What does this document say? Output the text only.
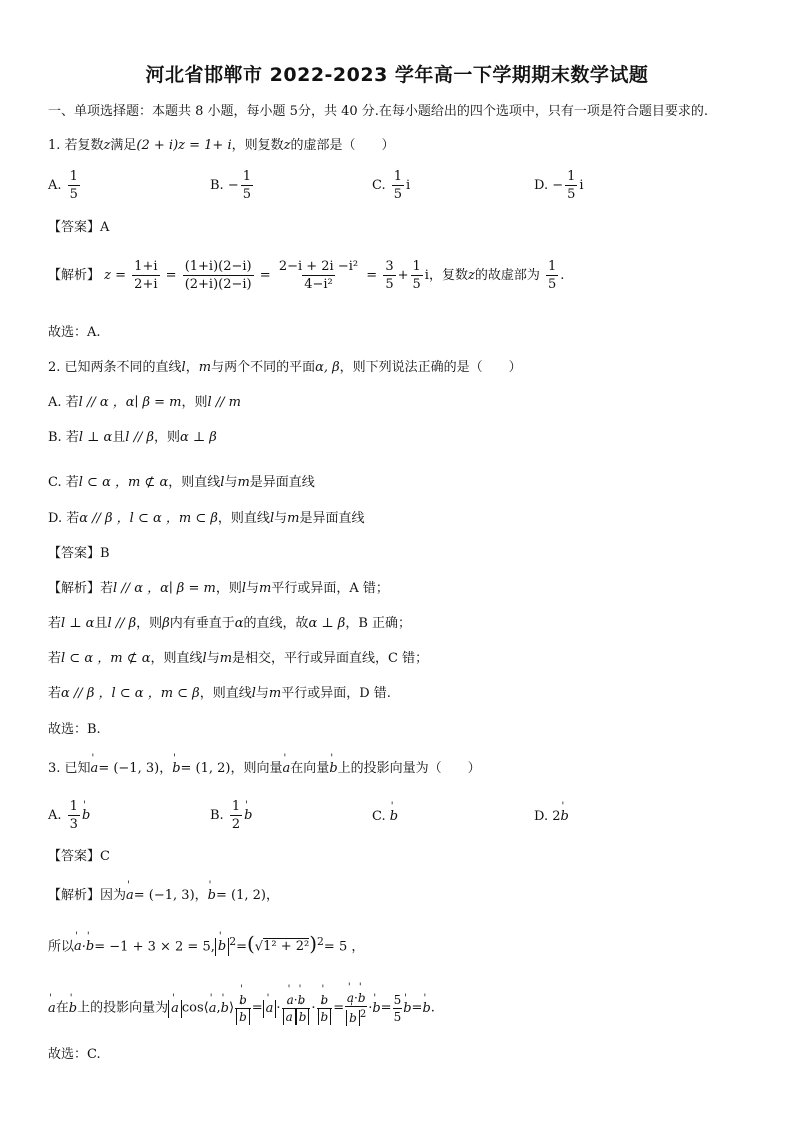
河北省邯郸市 2022-2023 学年高一下学期期末数学试题
一、单项选择题：本题共 8 小题，每小题 5分，共 40 分.在每小题给出的四个选项中，只有一项是符合题目要求的.
1. 若复数z满足(2 + i)z = 1+ i，则复数z的虚部是（　　）
A. $\frac{1}{5}$	B. − $\frac{1}{5}$	C. $\frac{1}{5}$ i	D. − $\frac{1}{5}$ i
【答案】A
【解析】 $z = \frac{1+i}{2+i} = \frac{(1+i)(2-i)}{(2+i)(2-i)} = \frac{\text{2−i + 2i −i²}}{\text{4−i²}} = \frac{3}{5} + \frac{1}{5}$ i，复数z的故虚部为 $\frac{1}{5}$ .
故选：A.
2. 已知两条不同的直线l，m与两个不同的平面α, β，则下列说法正确的是（　　）
A. 若l // α ，α∣ β = m，则l // m
B. 若l ⊥ α且l // β，则α ⊥ β
C. 若l ⊂ α ，m ⊄ α，则直线l与m是异面直线
D. 若α // β ，l ⊂ α ，m ⊂ β，则直线l与m是异面直线
【答案】B
【解析】若l // α ，α∣ β = m，则l与m平行或异面，A 错；
若l ⊥ α且l // β，则β内有垂直于α的直线，故α ⊥ β，B 正确；
若l ⊂ α ，m ⊄ α，则直线l与m是相交，平行或异面直线，C 错；
若α // β ，l ⊂ α ，m ⊂ β，则直线l与m平行或异面，D 错.
故选：B.
3. 已知' a= (−1, 3)，' b= (1, 2)，则向量' a在向量' b上的投影向量为（　　）
A. $\frac{1}{3}$ ' b	B. $\frac{1}{2}$ ' b	C. ' b	D. 2' b
【答案】C
【解析】因为' a= (−1, 3)，' b= (1, 2)，
所以' a·' b= −1 + 3 × 2 = 5, ' b $^2=(√1^2 + 2^2)^2= 5$ ，
' a在' b上的投影向量为 ' a cos⟨' a,' b⟩ ' b
' b = ' a · ' a·' b
' a ' b · ' b
' b = ' a·' b
' b $^2$ ·' $b= \frac{5}{5}$ ' b=' b.
故选：C.
